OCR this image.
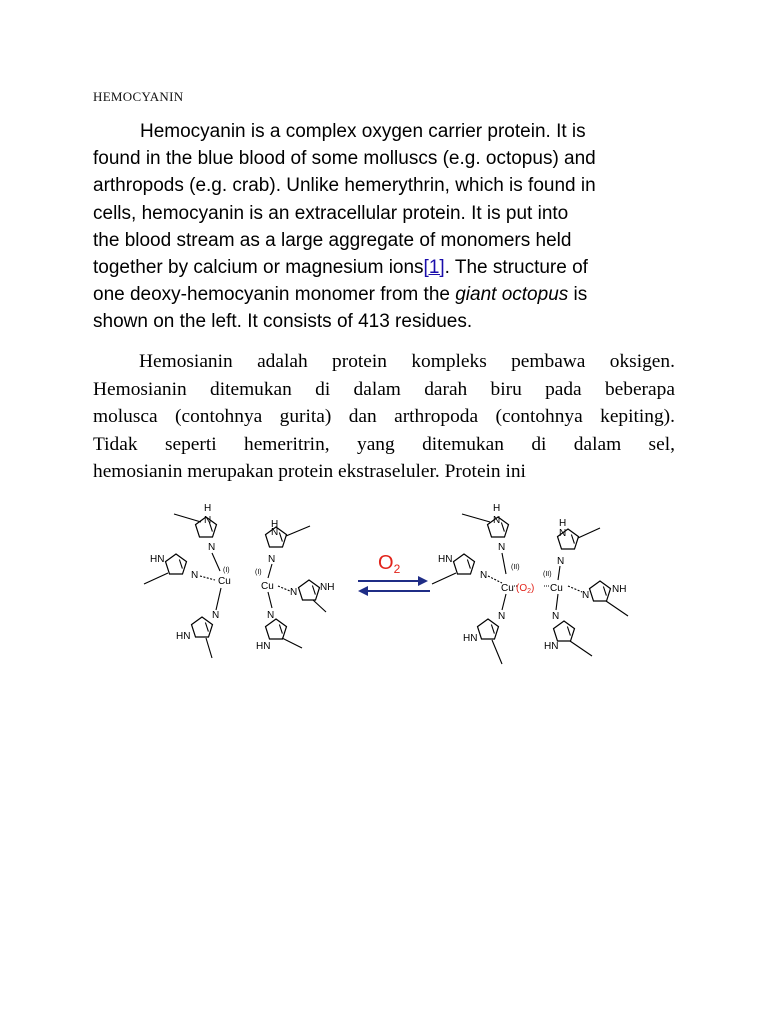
HEMOCYANIN
Hemocyanin is a complex oxygen carrier protein. It is
found in the blue blood of some molluscs (e.g. octopus) and
arthropods (e.g. crab). Unlike hemerythrin, which is found in
cells, hemocyanin is an extracellular protein. It is put into
the blood stream as a large aggregate of monomers held
together by calcium or magnesium ions[1]. The structure of
one deoxy-hemocyanin monomer from the giant octopus is
shown on the left. It consists of 413 residues.
Hemosianin adalah protein kompleks pembawa oksigen.
Hemosianin ditemukan di dalam darah biru pada beberapa
molusca (contohnya gurita) dan arthropoda (contohnya kepiting).
Tidak seperti hemeritrin, yang ditemukan di dalam sel,
hemosianin merupakan protein ekstraseluler. Protein ini
H
N
N
HN
N
Cu
(I)
N
HN
H
N
N
Cu
(I)
N NH
N
HN
$O_2$
H
N
N
HN
N
Cu
(II)
$(O_2)$ Cu
(II)
N
HN
H
N
N
N
NH
N
HN
